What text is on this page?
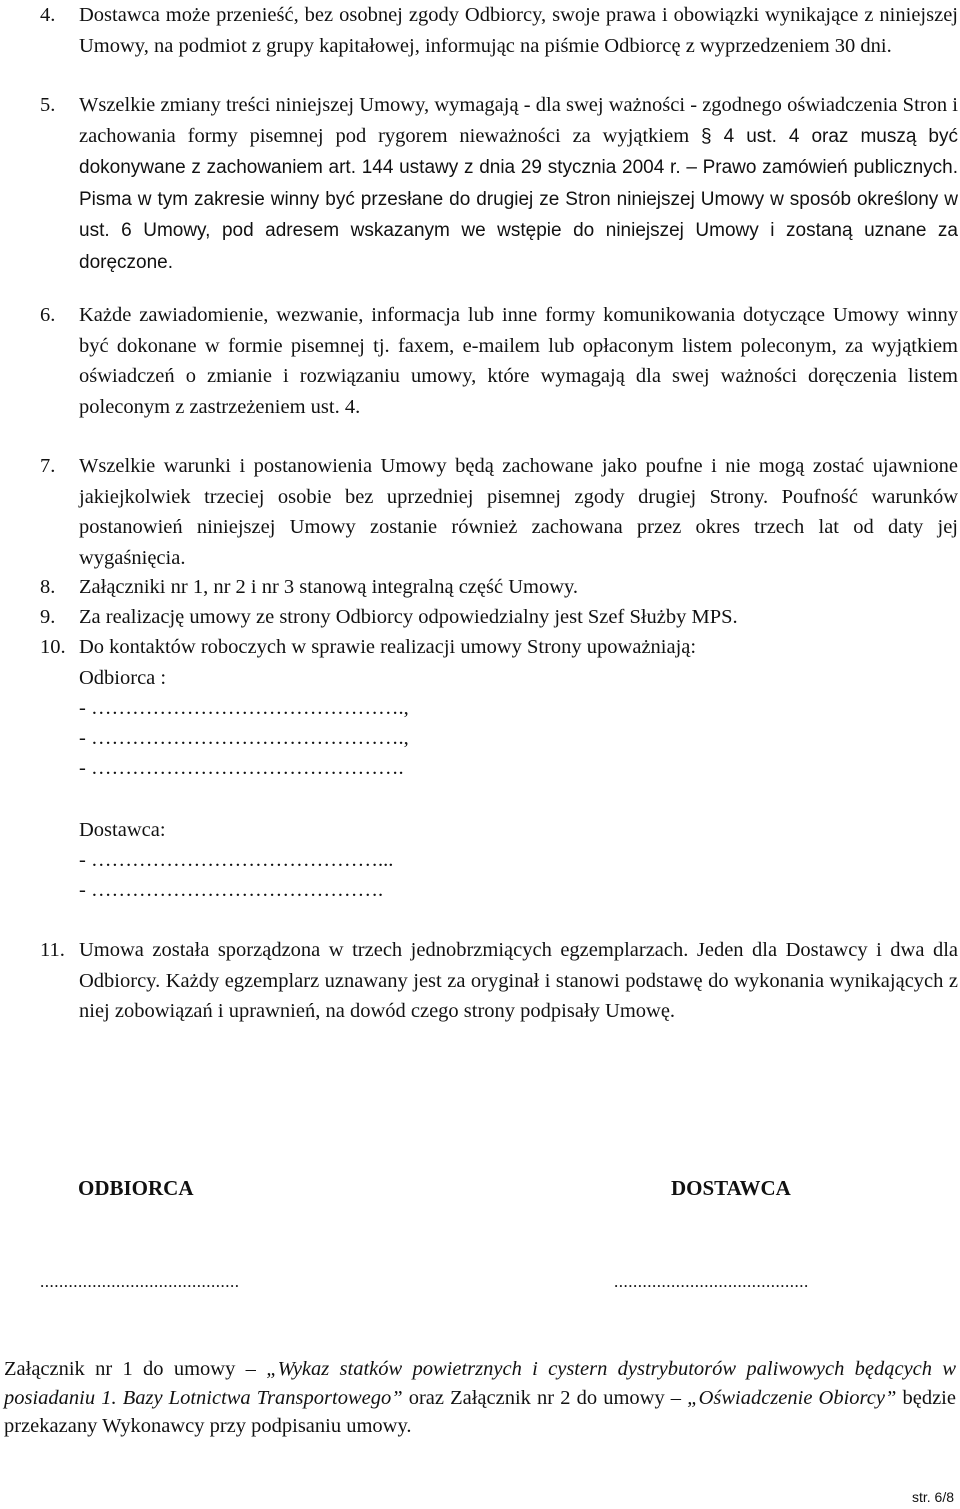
4. Dostawca może przenieść, bez osobnej zgody Odbiorcy, swoje prawa i obowiązki wynikające z niniejszej Umowy, na podmiot z grupy kapitałowej, informując na piśmie Odbiorcę z wyprzedzeniem 30 dni.
5. Wszelkie zmiany treści niniejszej Umowy, wymagają - dla swej ważności - zgodnego oświadczenia Stron i zachowania formy pisemnej pod rygorem nieważności za wyjątkiem § 4 ust. 4 oraz muszą być dokonywane z zachowaniem art. 144 ustawy z dnia 29 stycznia 2004 r. – Prawo zamówień publicznych. Pisma w tym zakresie winny być przesłane do drugiej ze Stron niniejszej Umowy w sposób określony w ust. 6 Umowy, pod adresem wskazanym we wstępie do niniejszej Umowy i zostaną uznane za doręczone.
6. Każde zawiadomienie, wezwanie, informacja lub inne formy komunikowania dotyczące Umowy winny być dokonane w formie pisemnej tj. faxem, e-mailem lub opłaconym listem poleconym, za wyjątkiem oświadczeń o zmianie i rozwiązaniu umowy, które wymagają dla swej ważności doręczenia listem poleconym z zastrzeżeniem ust. 4.
7. Wszelkie warunki i postanowienia Umowy będą zachowane jako poufne i nie mogą zostać ujawnione jakiejkolwiek trzeciej osobie bez uprzedniej pisemnej zgody drugiej Strony. Poufność warunków postanowień niniejszej Umowy zostanie również zachowana przez okres trzech lat od daty jej wygaśnięcia.
8. Załączniki nr 1, nr 2 i nr 3 stanową integralną część Umowy.
9. Za realizację umowy ze strony Odbiorcy odpowiedzialny jest Szef Służby MPS.
10. Do kontaktów roboczych w sprawie realizacji umowy Strony upoważniają:
Odbiorca :
- ……………………………………….,
- ……………………………………….,
- ……………………………………….
Dostawca:
- ……………………………………...
- …………………………………….
11. Umowa została sporządzona w trzech jednobrzmiących egzemplarzach. Jeden dla Dostawcy i dwa dla Odbiorcy. Każdy egzemplarz uznawany jest za oryginał i stanowi podstawę do wykonania wynikających z niej zobowiązań i uprawnień, na dowód czego strony podpisały Umowę.
ODBIORCA	DOSTAWCA
..........................................	.........................................
Załącznik nr 1 do umowy – „Wykaz statków powietrznych i cystern dystrybutorów paliwowych będących w posiadaniu 1. Bazy Lotnictwa Transportowego” oraz Załącznik nr 2 do umowy – „Oświadczenie Obiorcy” będzie przekazany Wykonawcy przy podpisaniu umowy.
str. 6/8
